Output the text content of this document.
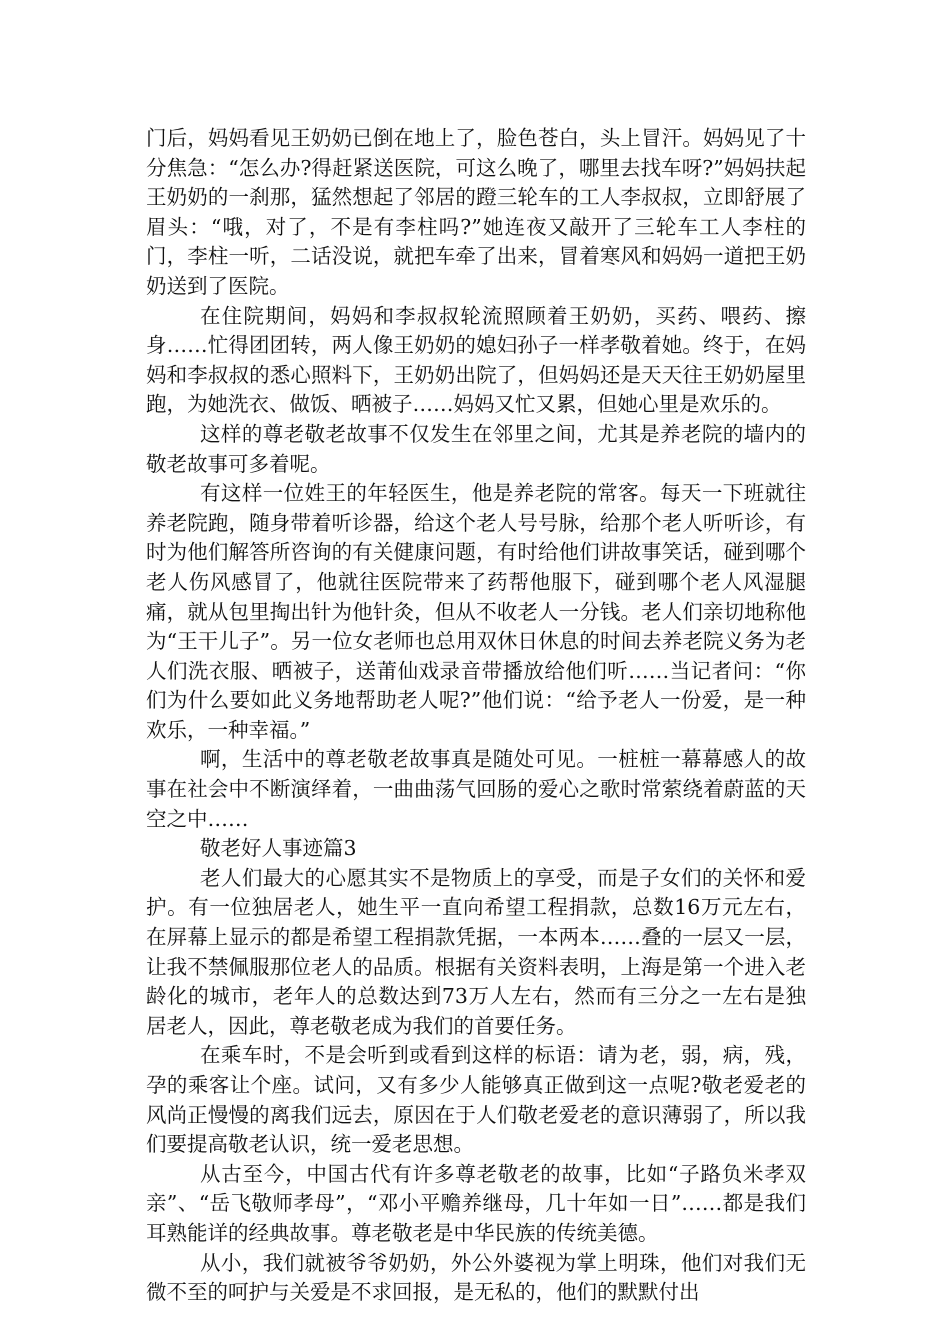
门后，妈妈看见王奶奶已倒在地上了，脸色苍白，头上冒汗。妈妈见了十分焦急：“怎么办?得赶紧送医院，可这么晚了，哪里去找车呀?”妈妈扶起王奶奶的一刹那，猛然想起了邻居的蹬三轮车的工人李叔叔，立即舒展了眉头：“哦，对了，不是有李柱吗?”她连夜又敲开了三轮车工人李柱的门，李柱一听，二话没说，就把车牵了出来，冒着寒风和妈妈一道把王奶奶送到了医院。

在住院期间，妈妈和李叔叔轮流照顾着王奶奶，买药、喂药、擦身……忙得团团转，两人像王奶奶的媳妇孙子一样孝敬着她。终于，在妈妈和李叔叔的悉心照料下，王奶奶出院了，但妈妈还是天天往王奶奶屋里跑，为她洗衣、做饭、晒被子……妈妈又忙又累，但她心里是欢乐的。

这样的尊老敬老故事不仅发生在邻里之间，尤其是养老院的墙内的敬老故事可多着呢。

有这样一位姓王的年轻医生，他是养老院的常客。每天一下班就往养老院跑，随身带着听诊器，给这个老人号号脉，给那个老人听听诊，有时为他们解答所咨询的有关健康问题，有时给他们讲故事笑话，碰到哪个老人伤风感冒了，他就往医院带来了药帮他服下，碰到哪个老人风湿腿痛，就从包里掏出针为他针灸，但从不收老人一分钱。老人们亲切地称他为“王干儿子”。另一位女老师也总用双休日休息的时间去养老院义务为老人们洗衣服、晒被子，送莆仙戏录音带播放给他们听……当记者问：“你们为什么要如此义务地帮助老人呢?”他们说：“给予老人一份爱，是一种欢乐，一种幸福。”

啊，生活中的尊老敬老故事真是随处可见。一桩桩一幕幕感人的故事在社会中不断演绎着，一曲曲荡气回肠的爱心之歌时常萦绕着蔚蓝的天空之中……

敬老好人事迹篇3

老人们最大的心愿其实不是物质上的享受，而是子女们的关怀和爱护。有一位独居老人，她生平一直向希望工程捐款，总数16万元左右，在屏幕上显示的都是希望工程捐款凭据，一本两本……叠的一层又一层，让我不禁佩服那位老人的品质。根据有关资料表明，上海是第一个进入老龄化的城市，老年人的总数达到73万人左右，然而有三分之一左右是独居老人，因此，尊老敬老成为我们的首要任务。

在乘车时，不是会听到或看到这样的标语：请为老，弱，病，残，孕的乘客让个座。试问，又有多少人能够真正做到这一点呢?敬老爱老的风尚正慢慢的离我们远去，原因在于人们敬老爱老的意识薄弱了，所以我们要提高敬老认识，统一爱老思想。

从古至今，中国古代有许多尊老敬老的故事，比如“子路负米孝双亲”、“岳飞敬师孝母”，“邓小平赡养继母，几十年如一日”……都是我们耳熟能详的经典故事。尊老敬老是中华民族的传统美德。

从小，我们就被爷爷奶奶，外公外婆视为掌上明珠，他们对我们无微不至的呵护与关爱是不求回报，是无私的，他们的默默付出
